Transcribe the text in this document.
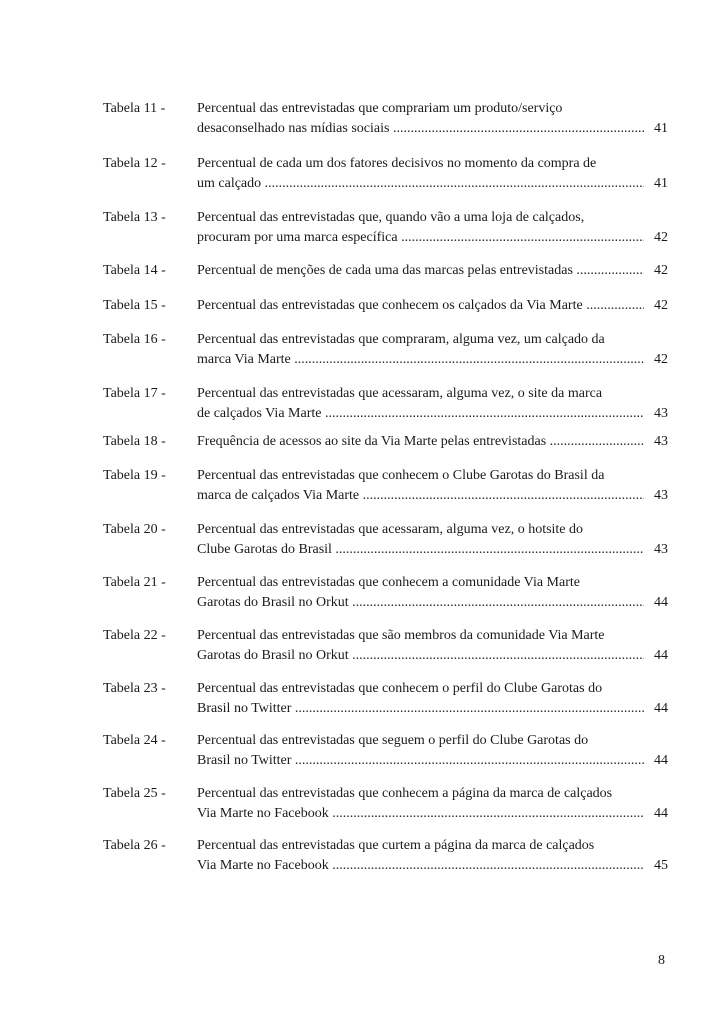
Tabela 11 - Percentual das entrevistadas que comprariam um produto/serviço
desaconselhado nas mídias sociais .....	41
Tabela 12 - Percentual de cada um dos fatores decisivos no momento da compra de
um calçado .....	41
Tabela 13 - Percentual das entrevistadas que, quando vão a uma loja de calçados,
procuram por uma marca específica .....	42
Tabela 14 - Percentual de menções de cada uma das marcas pelas entrevistadas .....	42
Tabela 15 - Percentual das entrevistadas que conhecem os calçados da Via Marte .....	42
Tabela 16 - Percentual das entrevistadas que compraram, alguma vez, um calçado da
marca Via Marte .....	42
Tabela 17 - Percentual das entrevistadas que acessaram, alguma vez, o site da marca
de calçados Via Marte .....	43
Tabela 18 - Frequência de acessos ao site da Via Marte pelas entrevistadas .....	43
Tabela 19 - Percentual das entrevistadas que conhecem o Clube Garotas do Brasil da
marca de calçados Via Marte .....	43
Tabela 20 - Percentual das entrevistadas que acessaram, alguma vez, o hotsite do
Clube Garotas do Brasil .....	43
Tabela 21 - Percentual das entrevistadas que conhecem a comunidade Via Marte
Garotas do Brasil no Orkut .....	44
Tabela 22 - Percentual das entrevistadas que são membros da comunidade Via Marte
Garotas do Brasil no Orkut .....	44
Tabela 23 - Percentual das entrevistadas que conhecem o perfil do Clube Garotas do
Brasil no Twitter .....	44
Tabela 24 - Percentual das entrevistadas que seguem o perfil do Clube Garotas do
Brasil no Twitter .....	44
Tabela 25 - Percentual das entrevistadas que conhecem a página da marca de calçados
Via Marte no Facebook .....	44
Tabela 26 - Percentual das entrevistadas que curtem a página da marca de calçados
Via Marte no Facebook .....	45
8
